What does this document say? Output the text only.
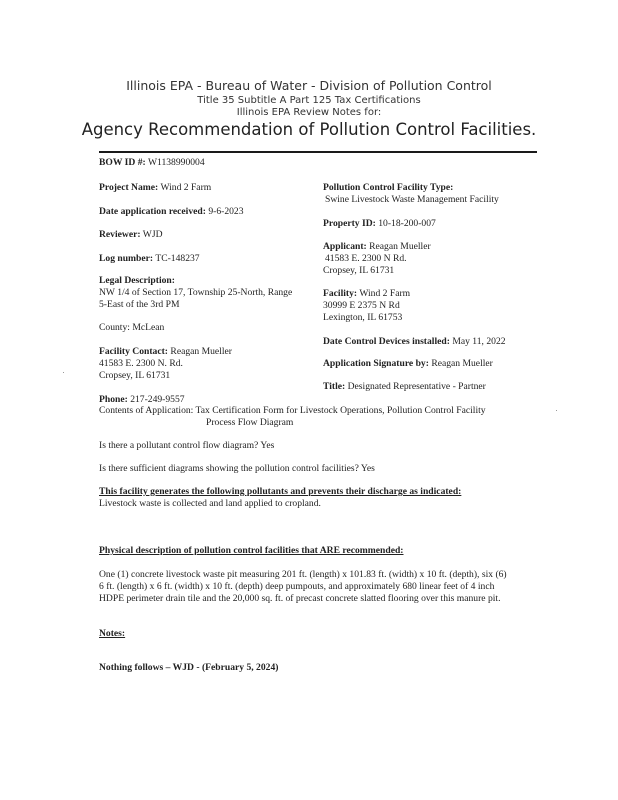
Illinois EPA - Bureau of Water - Division of Pollution Control
Title 35 Subtitle A Part 125 Tax Certifications
Illinois EPA Review Notes for:
Agency Recommendation of Pollution Control Facilities.
BOW ID #: W1138990004
Project Name: Wind 2 Farm
Date application received: 9-6-2023
Reviewer: WJD
Log number: TC-148237
Legal Description:
NW 1/4 of Section 17, Township 25-North, Range
5-East of the 3rd PM
County: McLean
Facility Contact: Reagan Mueller
41583 E. 2300 N. Rd.
Cropsey, IL 61731
Phone: 217-249-9557
Pollution Control Facility Type:
Swine Livestock Waste Management Facility
Property ID: 10-18-200-007
Applicant: Reagan Mueller
41583 E. 2300 N Rd.
Cropsey, IL 61731
Facility: Wind 2 Farm
30999 E 2375 N Rd
Lexington, IL 61753
Date Control Devices installed: May 11, 2022
Application Signature by: Reagan Mueller
Title: Designated Representative - Partner
Contents of Application: Tax Certification Form for Livestock Operations, Pollution Control Facility
Process Flow Diagram
Is there a pollutant control flow diagram? Yes
Is there sufficient diagrams showing the pollution control facilities? Yes
This facility generates the following pollutants and prevents their discharge as indicated:
Livestock waste is collected and land applied to cropland.
Physical description of pollution control facilities that ARE recommended:
One (1) concrete livestock waste pit measuring 201 ft. (length) x 101.83 ft. (width) x 10 ft. (depth), six (6)
6 ft. (length) x 6 ft. (width) x 10 ft. (depth) deep pumpouts, and approximately 680 linear feet of 4 inch
HDPE perimeter drain tile and the 20,000 sq. ft. of precast concrete slatted flooring over this manure pit.
Notes:
Nothing follows – WJD - (February 5, 2024)
